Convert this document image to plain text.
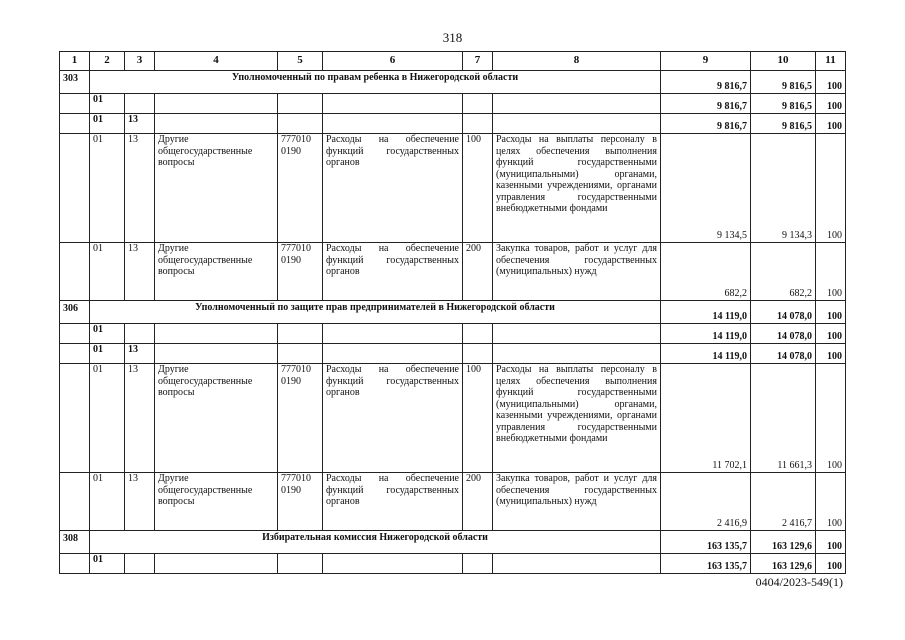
318
1	2	3	4	5	6	7	8	9	10	11
303	Уполномоченный по правам ребенка в Нижегородской области							9 816,7	9 816,5	100
	01							9 816,7	9 816,5	100
	01	13						9 816,7	9 816,5	100
	01	13	Другие общегосударственные вопросы	777010 0190	Расходы на обеспечение функций государственных органов	100	Расходы на выплаты персоналу в целях обеспечения выполнения функций государственными (муниципальными) органами, казенными учреждениями, органами управления государственными внебюджетными фондами	9 134,5	9 134,3	100
	01	13	Другие общегосударственные вопросы	777010 0190	Расходы на обеспечение функций государственных органов	200	Закупка товаров, работ и услуг для обеспечения государственных (муниципальных) нужд	682,2	682,2	100
306	Уполномоченный по защите прав предпринимателей в Нижегородской области							14 119,0	14 078,0	100
	01							14 119,0	14 078,0	100
	01	13						14 119,0	14 078,0	100
	01	13	Другие общегосударственные вопросы	777010 0190	Расходы на обеспечение функций государственных органов	100	Расходы на выплаты персоналу в целях обеспечения выполнения функций государственными (муниципальными) органами, казенными учреждениями, органами управления государственными внебюджетными фондами	11 702,1	11 661,3	100
	01	13	Другие общегосударственные вопросы	777010 0190	Расходы на обеспечение функций государственных органов	200	Закупка товаров, работ и услуг для обеспечения государственных (муниципальных) нужд	2 416,9	2 416,7	100
308	Избирательная комиссия Нижегородской области							163 135,7	163 129,6	100
	01							163 135,7	163 129,6	100
0404/2023-549(1)
